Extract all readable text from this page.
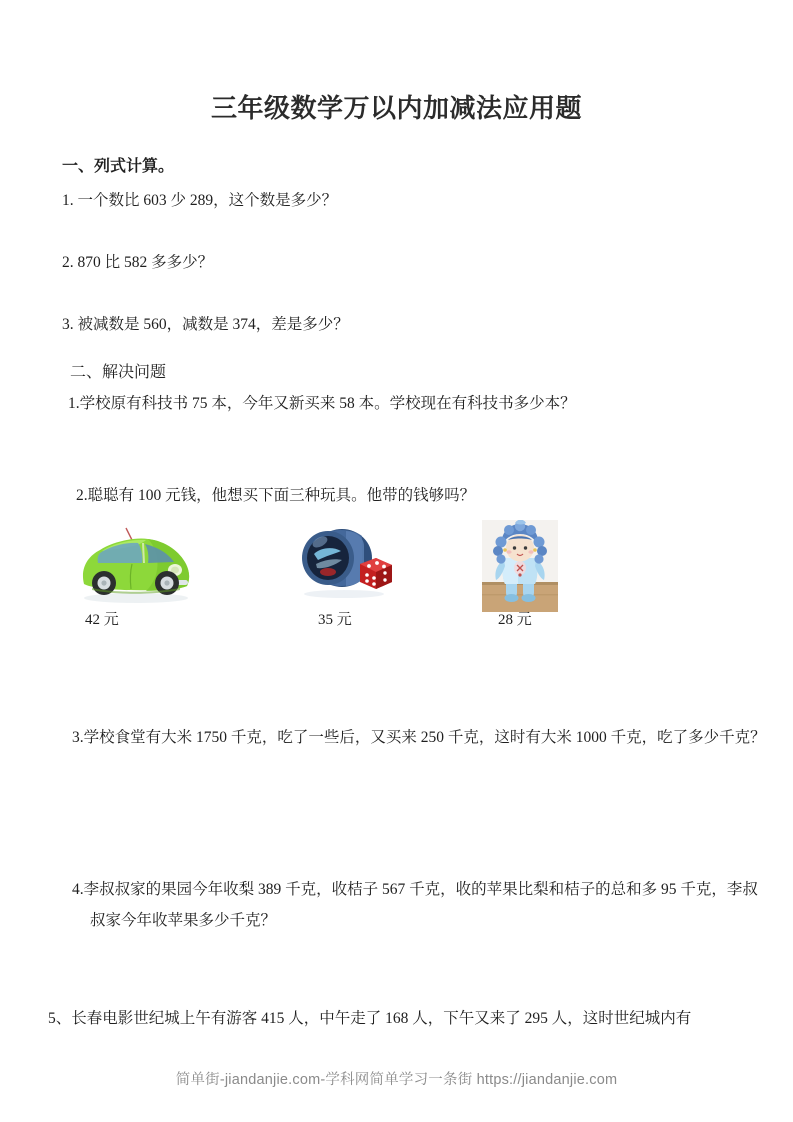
三年级数学万以内加减法应用题
一、列式计算。
1. 一个数比 603 少 289，这个数是多少？
2. 870 比 582 多多少？
3. 被减数是 560，减数是 374，差是多少？
二、解决问题
1.学校原有科技书 75 本，今年又新买来 58 本。学校现在有科技书多少本？
2.聪聪有 100 元钱，他想买下面三种玩具。他带的钱够吗？
42 元	35 元	28 元
3.学校食堂有大米 1750 千克，吃了一些后，又买来 250 千克，这时有大米 1000 千克，吃了多少千克？
4.李叔叔家的果园今年收梨 389 千克，收桔子 567 千克，收的苹果比梨和桔子的总和多 95 千克，李叔叔家今年收苹果多少千克？
5、长春电影世纪城上午有游客 415 人，中午走了 168 人，下午又来了 295 人，这时世纪城内有
简单街-jiandanjie.com-学科网简单学习一条街 https://jiandanjie.com
